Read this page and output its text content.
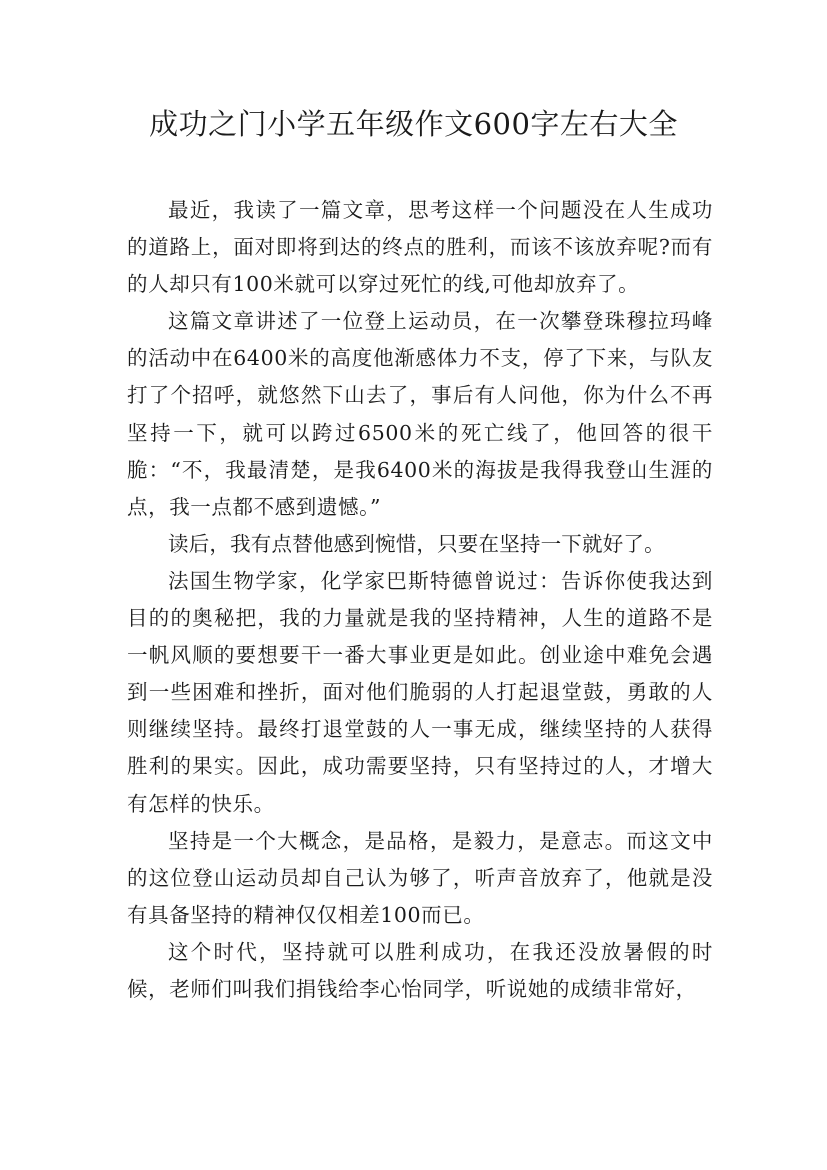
成功之门小学五年级作文600字左右大全

最近，我读了一篇文章，思考这样一个问题没在人生成功的道路上，面对即将到达的终点的胜利，而该不该放弃呢?而有的人却只有100米就可以穿过死忙的线,可他却放弃了。

这篇文章讲述了一位登上运动员，在一次攀登珠穆拉玛峰的活动中在6400米的高度他渐感体力不支，停了下来，与队友打了个招呼，就悠然下山去了，事后有人问他，你为什么不再坚持一下，就可以跨过6500米的死亡线了，他回答的很干脆：“不，我最清楚，是我6400米的海拔是我得我登山生涯的点，我一点都不感到遗憾。”

读后，我有点替他感到惋惜，只要在坚持一下就好了。

法国生物学家，化学家巴斯特德曾说过：告诉你使我达到目的的奥秘把，我的力量就是我的坚持精神，人生的道路不是一帆风顺的要想要干一番大事业更是如此。创业途中难免会遇到一些困难和挫折，面对他们脆弱的人打起退堂鼓，勇敢的人则继续坚持。最终打退堂鼓的人一事无成，继续坚持的人获得胜利的果实。因此，成功需要坚持，只有坚持过的人，才增大有怎样的快乐。

坚持是一个大概念，是品格，是毅力，是意志。而这文中的这位登山运动员却自己认为够了，听声音放弃了，他就是没有具备坚持的精神仅仅相差100而已。

这个时代，坚持就可以胜利成功，在我还没放暑假的时候，老师们叫我们捐钱给李心怡同学，听说她的成绩非常好，
